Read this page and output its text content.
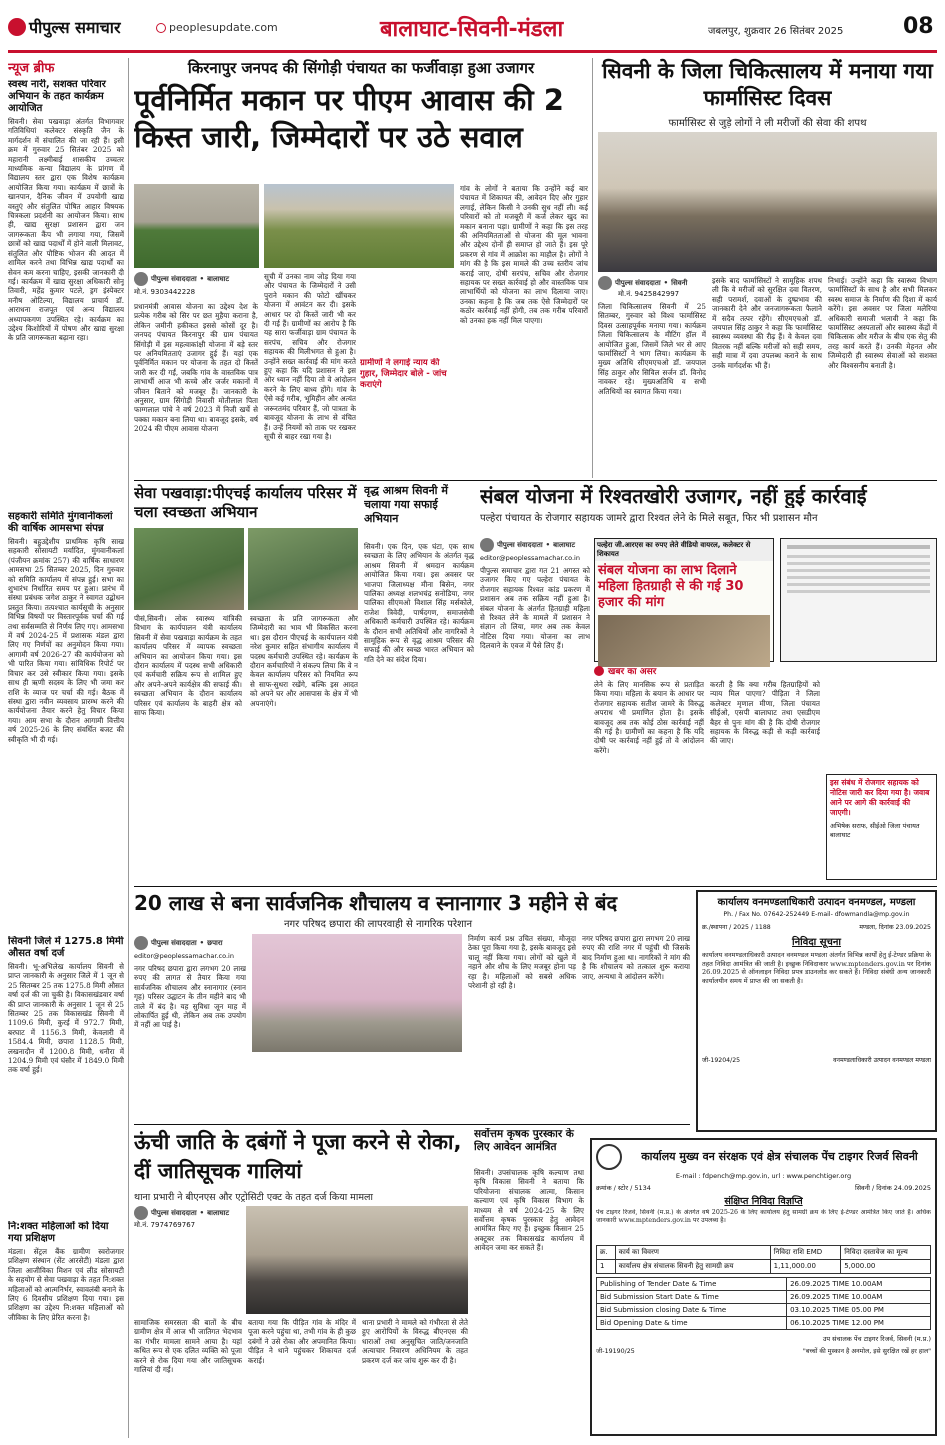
पीपुल्स समाचार	peoplesupdate.com	बालाघाट-सिवनी-मंडला	जबलपुर, शुक्रवार 26 सितंबर 2025	08
न्यूज ब्रीफ
स्वस्थ नारी, सशक्त परिवार अभियान के तहत कार्यक्रम आयोजित
सिवनी। सेवा पखवाड़ा अंतर्गत विभागवार गतिविधियां कलेक्टर संस्कृति जैन के मार्गदर्शन में संचालित की जा रही हैं। इसी क्रम में गुरुवार 25 सितंबर 2025 को महारानी लक्ष्मीबाई शासकीय उच्चतर माध्यमिक कन्या विद्यालय के प्रांगण में विद्यालय स्तर द्वारा एक विशेष कार्यक्रम आयोजित किया गया। कार्यक्रम में छात्रों के खानपान, दैनिक जीवन में उपयोगी खाद्य वस्तुएं और संतुलित पोषित आहार विषयक चित्रकला प्रदर्शनी का आयोजन किया। साथ ही, खाद्य सुरक्षा प्रशासन द्वारा जन जागरूकता कैंप भी लगाया गया, जिसमें छात्रों को खाद्य पदार्थों में होने वाली मिलावट, संतुलित और पौष्टिक भोजन की आदत में शामिल करने तथा विभिन्न खाद्य पदार्थों का सेवन कम करना चाहिए, इसकी जानकारी दी गई। कार्यक्रम में खाद्य सुरक्षा अधिकारी सोनू तिवारी, महेंद्र कुमार पटले, ड्रग इंस्पेक्टर मनीष ओटिल्या, विद्यालय प्राचार्य डॉ. आराधना राजपूत एवं अन्य विद्यालय अध्यापकगण उपस्थित रहे। कार्यक्रम का उद्देश्य किशोरियों में पोषण और खाद्य सुरक्षा के प्रति जागरूकता बढ़ाना रहा।
सहकारी समिति मुंगवानीकलां की वार्षिक आमसभा संपन्न
सिवनी। बहुउद्देशीय प्राथमिक कृषि साख सहकारी सोसायटी मर्यादित, मुंगवानीकलां (पंजीयन क्रमांक 257) की वार्षिक साधारण आमसभा 25 सितम्बर 2025, दिन गुरुवार को समिति कार्यालय में संपन्न हुई। सभा का शुभारंभ निर्धारित समय पर हुआ। प्रारंभ में संस्था प्रबंधक जगेश ठाकुर ने स्वागत उद्बोधन प्रस्तुत किया। तत्पश्चात कार्यसूची के अनुसार विभिन्न विषयों पर विस्तारपूर्वक चर्चा की गई तथा सर्वसम्मति से निर्णय लिए गए। आमसभा में वर्ष 2024-25 में प्रशासक मंडल द्वारा लिए गए निर्णयों का अनुमोदन किया गया। आगामी वर्ष 2026-27 की कार्ययोजना को भी पारित किया गया। सांविधिक रिपोर्ट पर विचार कर उसे स्वीकार किया गया। इसके साथ ही ऋणी सदस्य के लिए भी जमा कर राशि के व्याज पर चर्चा की गई। बैठक में संस्था द्वारा नवीन व्यवसाय प्रारम्भ करने की कार्ययोजना तैयार करने हेतु विचार किया गया। आम सभा के दौरान आगामी वित्तीय वर्ष 2025-26 के लिए संवर्धित बजट की स्वीकृति भी दी गई।
सिवनी जिले में 1275.8 मिमी औसत वर्षा दर्ज
सिवनी। भू-अभिलेख कार्यालय सिवनी से प्राप्त जानकारी के अनुसार जिले में 1 जून से 25 सितम्बर 25 तक 1275.8 मिमी औसत वर्षा दर्ज की जा चुकी है। विकासखंडवार वर्षा की प्राप्त जानकारी के अनुसार 1 जून से 25 सितम्बर 25 तक विकासखंड सिवनी में 1109.6 मिमी, कुरई में 972.7 मिमी, बरघाट में 1156.3 मिमी, केवलारी में 1584.4 मिमी, छपारा 1128.5 मिमी, लखनादौन में 1200.8 मिमी, धनौरा में 1204.9 मिमी एवं घंसौर में 1849.0 मिमी तक वर्षा हुई।
नि:शक्त महिलाओं को दिया गया प्रशिक्षण
मंडला। सेंट्रल बैंक ग्रामीण स्वरोजगार प्रशिक्षण संस्थान (सेंट आरसेटी) मंडला द्वारा जिला आजीविका मिशन एवं लीड सोसायटी के सहयोग से सेवा पखवाड़ा के तहत नि:शक्त महिलाओं को आत्मनिर्भर, स्वावलंबी बनाने के लिए 6 दिवसीय प्रशिक्षण दिया गया। इस प्रशिक्षण का उद्देश्य नि:शक्त महिलाओं को जीविका के लिए प्रेरित करना है।
किरनापुर जनपद की सिंगोड़ी पंचायत का फर्जीवाड़ा हुआ उजागर
पूर्वनिर्मित मकान पर पीएम आवास की 2 किस्त जारी, जिम्मेदारों पर उठे सवाल
पीपुल्स संवाददाता • बालाघाट
मो.नं. 9303442228
प्रधानमंत्री आवास योजना का उद्देश्य देश के प्रत्येक गरीब को सिर पर छत मुहैया कराना है, लेकिन जमीनी हकीकत इससे कोसों दूर है। जनपद पंचायत किरनापुर की ग्राम पंचायत सिंगोड़ी में इस महत्वाकांक्षी योजना में बड़े स्तर पर अनियमितताएं उजागर हुई हैं। यहां एक पूर्वनिर्मित मकान पर योजना के तहत दो किस्तें जारी कर दी गईं, जबकि गांव के वास्तविक पात्र लाभार्थी आज भी कच्चे और जर्जर मकानों में जीवन बिताने को मजबूर हैं। जानकारी के अनुसार, ग्राम सिंगोड़ी निवासी मोतीलाल पिता फाग्गलाल पांचे ने वर्ष 2023 में निजी खर्चे से पक्का मकान बना लिया था। बावजूद इसके, वर्ष 2024 की पीएम आवास योजना
सूची में उनका नाम जोड़ दिया गया और पंचायत के जिम्मेदारों ने उसी पुराने मकान की फोटो खींचकर योजना में आवंटन कर दी। इसके आधार पर दो किस्तें जारी भी कर दी गई हैं। ग्रामीणों का आरोप है कि यह सारा फर्जीवाड़ा ग्राम पंचायत के सरपंच, सचिव और रोजगार सहायक की मिलीभगत से हुआ है। उन्होंने सख्त कार्रवाई की मांग करते हुए कहा कि यदि प्रशासन ने इस ओर ध्यान नहीं दिया तो वे आंदोलन करने के लिए बाध्य होंगे। गांव के ऐसे कई गरीब, भूमिहीन और अत्यंत जरूरतमंद परिवार हैं, जो पात्रता के बावजूद योजना के लाभ से वंचित हैं। उन्हें नियमों को ताक पर रखकर सूची से बाहर रखा गया है।
ग्रामीणों ने लगाई न्याय की गुहार, जिम्मेदार बोले - जांच कराएंगे
गांव के लोगों ने बताया कि उन्होंने कई बार पंचायत में शिकायत की, आवेदन दिए और गुहार लगाई, लेकिन किसी ने उनकी सुध नहीं ली। कई परिवारों को तो मजबूरी में कर्ज लेकर खुद का मकान बनाना पड़ा। ग्रामीणों ने कहा कि इस तरह की अनियमितताओं से योजना की मूल भावना और उद्देश्य दोनों ही समाप्त हो जाते हैं। इस पूरे प्रकरण से गांव में आक्रोश का माहौल है। लोगों ने मांग की है कि इस मामले की उच्च स्तरीय जांच कराई जाए, दोषी सरपंच, सचिव और रोजगार सहायक पर सख्त कार्रवाई हो और वास्तविक पात्र लाभार्थियों को योजना का लाभ दिलाया जाए। उनका कहना है कि जब तक ऐसे जिम्मेदारों पर कठोर कार्रवाई नहीं होगी, तब तक गरीब परिवारों को उनका हक नहीं मिल पाएगा।
सिवनी के जिला चिकित्सालय में मनाया गया फार्मासिस्ट दिवस
फार्मासिस्ट से जुड़े लोगों ने ली मरीजों की सेवा की शपथ
पीपुल्स संवाददाता • सिवनी
मो.नं. 9425842997
जिला चिकित्सालय सिवनी में 25 सितम्बर, गुरुवार को विश्व फार्मासिस्ट दिवस उत्साहपूर्वक मनाया गया। कार्यक्रम जिला चिकित्सालय के मीटिंग हॉल में आयोजित हुआ, जिसमें जिले भर से आए फार्मासिस्टों ने भाग लिया। कार्यक्रम के मुख्य अतिथि सीएमएचओ डॉ. जयपाल सिंह ठाकुर और सिविल सर्जन डॉ. विनोद नावकर रहे। मुख्यअतिथि व सभी अतिथियों का स्वागत किया गया।
इसके बाद फार्मासिस्टों ने सामूहिक शपथ ली कि वे मरीजों को सुरक्षित दवा वितरण, सही परामर्श, दवाओं के दुष्प्रभाव की जानकारी देने और जनजागरूकता फैलाने में सदैव तत्पर रहेंगे। सीएमएचओ डॉ. जयपाल सिंह ठाकुर ने कहा कि फार्मासिस्ट स्वास्थ्य व्यवस्था की रीढ़ हैं। वे केवल दवा वितरक नहीं बल्कि मरीजों को सही समय, सही मात्रा में दवा उपलब्ध कराने के साथ उनके मार्गदर्शक भी हैं।
निभाई। उन्होंने कहा कि स्वास्थ्य विभाग फार्मासिस्टों के साथ है और सभी मिलकर स्वस्थ समाज के निर्माण की दिशा में कार्य करेंगे। इस अवसर पर जिला मलेरिया अधिकारी समाजी भलावी ने कहा कि फार्मासिस्ट अस्पतालों और स्वास्थ्य केंद्रों में चिकित्सक और मरीज के बीच एक सेतु की तरह कार्य करते हैं। उनकी मेहनत और जिम्मेदारी ही स्वास्थ्य सेवाओं को सशक्त और विश्वसनीय बनाती है।
सेवा पखवाड़ा:पीएचई कार्यालय परिसर में चला स्वच्छता अभियान
पीसं,सिवनी। लोक स्वास्थ्य यांत्रिकी विभाग के कार्यपालन यंत्री कार्यालय सिवनी में सेवा पखवाड़ा कार्यक्रम के तहत कार्यालय परिसर में व्यापक स्वच्छता अभियान का आयोजन किया गया। इस दौरान कार्यालय में पदस्थ सभी अधिकारी एवं कर्मचारी सक्रिय रूप से शामिल हुए और अपने-अपने कार्यक्षेत्र की सफाई की। स्वच्छता अभियान के दौरान कार्यालय परिसर एवं कार्यालय के बाहरी क्षेत्र को साफ किया।
स्वच्छता के प्रति जागरूकता और जिम्मेदारी का भाव भी विकसित करना था। इस दौरान पीएचई के कार्यपालन यंत्री नरेश कुमार सहित संभागीय कार्यालय में पदस्थ कर्मचारी उपस्थित रहे। कार्यक्रम के दौरान कर्मचारियों ने संकल्प लिया कि वे न केवल कार्यालय परिसर को नियमित रूप से साफ-सुथरा रखेंगे, बल्कि इस आदत को अपने घर और आसपास के क्षेत्र में भी अपनाएंगे।
वृद्ध आश्रम सिवनी में चलाया गया सफाई अभियान
सिवनी। एक दिन, एक घंटा, एक साथ स्वच्छता के लिए अभियान के अंतर्गत वृद्ध आश्रम सिवनी में श्रमदान कार्यक्रम आयोजित किया गया। इस अवसर पर भाजपा जिलाध्यक्ष मीना बिसेन, नगर पालिका अध्यक्ष शलभचंद्र सनोडिया, नगर पालिका सीएमओ विशाल सिंह मर्सकोले, राजेश त्रिवेदी, पार्षदगण, समाजसेवी अधिकारी कर्मचारी उपस्थित रहे। कार्यक्रम के दौरान सभी अतिथियों और नागरिकों ने सामूहिक रूप से वृद्ध आश्रम परिसर की सफाई की और स्वच्छ भारत अभियान को गति देने का संदेश दिया।
संबल योजना में रिश्वतखोरी उजागर, नहीं हुई कार्रवाई
पल्हेरा पंचायत के रोजगार सहायक जामरे द्वारा रिश्वत लेने के मिले सबूत, फिर भी प्रशासन मौन
पीपुल्स संवाददाता • बालाघाट
editor@peoplessamachar.co.in
पीपुल्स समाचार द्वारा गत 21 अगस्त को उजागर किए गए पल्हेरा पंचायत के रोजगार सहायक रिश्वत कांड प्रकरण में प्रशासन अब तक सक्रिय नहीं हुआ है। संबल योजना के अंतर्गत हितग्राही महिला से रिश्वत लेने के मामले में प्रशासन ने संज्ञान तो लिया, मगर अब तक केवल नोटिस दिया गया। योजना का लाभ दिलवाने के एवज में पैसे लिए हैं।
पल्हेरा जी.आरएस का रुपए लेते वीडियो वायरल, कलेक्टर से शिकायत
संबल योजना का लाभ दिलाने महिला हितग्राही से की गई 30 हजार की मांग
खबर का असर
लेने के लिए मानसिक रूप से प्रताड़ित किया गया। महिला के बयान के आधार पर रोजगार सहायक सतीश जामरे के विरुद्ध अपराध भी प्रमाणित होता है। इसके बावजूद अब तक कोई ठोस कार्रवाई नहीं की गई है। ग्रामीणों का कहना है कि यदि दोषी पर कार्रवाई नहीं हुई तो वे आंदोलन करेंगे।
करती है कि क्या गरीब हितग्राहियों को न्याय मिल पाएगा? पीड़िता ने जिला कलेक्टर मृणाल मीणा, जिला पंचायत सीईओ, एसपी बालाघाट तथा एसडीएम बैहर से पुनः मांग की है कि दोषी रोजगार सहायक के विरुद्ध कड़ी से कड़ी कार्रवाई की जाए।
इस संबंध में रोजगार सहायक को नोटिस जारी कर दिया गया है। जवाब आने पर आगे की कार्रवाई की जाएगी।
अभिषेक सराफ, सीईओ जिला पंचायत बालाघाट
20 लाख से बना सार्वजनिक शौचालय व स्नानागार 3 महीने से बंद
नगर परिषद छपारा की लापरवाही से नागरिक परेशान
पीपुल्स संवाददाता • छपारा
editor@peoplessamachar.co.in
नगर परिषद छपारा द्वारा लगभग 20 लाख रुपए की लागत से तैयार किया गया सार्वजनिक शौचालय और स्नानागार (स्नान गृह) परिसर उद्घाटन के तीन महीने बाद भी ताले में बंद है। यह सुविधा जून माह में लोकार्पित हुई थी, लेकिन अब तक उपयोग में नहीं आ पाई है।
निर्माण कार्य प्रश्न उचित संख्या, मौजूदा ठेका पूरा किया गया है, इसके बावजूद इसे चालू नहीं किया गया। लोगों को खुले में नहाने और शौच के लिए मजबूर होना पड़ रहा है। महिलाओं को सबसे अधिक परेशानी हो रही है।
नगर परिषद छपारा द्वारा लगभग 20 लाख रुपए की राशि नगर में पहुंची थी जिसके बाद निर्माण हुआ था। नागरिकों ने मांग की है कि शौचालय को तत्काल शुरू कराया जाए, अन्यथा वे आंदोलन करेंगे।
कार्यालय वनमण्डलाधिकारी उत्पादन वनमण्डल, मण्डला
Ph. / Fax No. 07642-252449 E-mail- dfowmandla@mp.gov.in
क्र./स्थापना / 2025 / 1188	मण्डला, दिनांक 23.09.2025
निविदा सूचना
कार्यालय वनमण्डलाधिकारी उत्पादन वनमण्डल मण्डला अंतर्गत विभिन्न कार्यों हेतु ई-टेण्डर प्रक्रिया के तहत निविदा आमंत्रित की जाती है। इच्छुक निविदाकार www.mptenders.gov.in पर दिनांक 26.09.2025 से ऑनलाइन निविदा प्रपत्र डाउनलोड कर सकते हैं। निविदा संबंधी अन्य जानकारी कार्यालयीन समय में प्राप्त की जा सकती है।
जी-19204/25	वनमण्डलाधिकारी उत्पादन वनमण्डल मण्डला
ऊंची जाति के दबंगों ने पूजा करने से रोका, दीं जातिसूचक गालियां
थाना प्रभारी ने बीएनएस और एट्रोसिटी एक्ट के तहत दर्ज किया मामला
पीपुल्स संवाददाता • बालाघाट
मो.नं. 7974769767
सामाजिक समरसता की बातों के बीच ग्रामीण क्षेत्र में आज भी जातिगत भेदभाव का गंभीर मामला सामने आया है। यहां कथित रूप से एक दलित व्यक्ति को पूजा करने से रोक दिया गया और जातिसूचक गालियां दी गईं।
बताया गया कि पीड़ित गांव के मंदिर में पूजा करने पहुंचा था, तभी गांव के ही कुछ दबंगों ने उसे रोका और अपमानित किया। पीड़ित ने थाने पहुंचकर शिकायत दर्ज कराई।
थाना प्रभारी ने मामले को गंभीरता से लेते हुए आरोपियों के विरुद्ध बीएनएस की धाराओं तथा अनुसूचित जाति/जनजाति अत्याचार निवारण अधिनियम के तहत प्रकरण दर्ज कर जांच शुरू कर दी है।
सर्वोत्तम कृषक पुरस्कार के लिए आवेदन आमंत्रित
सिवनी। उपसंचालक कृषि कल्याण तथा कृषि विकास सिवनी ने बताया कि परियोजना संचालक आत्मा, किसान कल्याण एवं कृषि विकास विभाग के माध्यम से वर्ष 2024-25 के लिए सर्वोत्तम कृषक पुरस्कार हेतु आवेदन आमंत्रित किए गए हैं। इच्छुक किसान 25 अक्टूबर तक विकासखंड कार्यालय में आवेदन जमा कर सकते हैं।
कार्यालय मुख्य वन संरक्षक एवं क्षेत्र संचालक पेंच टाइगर रिजर्व सिवनी
E-mail : fdpench@mp.gov.in, url : www.penchtiger.org
क्रमांक / स्टोर / 5134	सिवनी / दिनांक 24.09.2025
संक्षिप्त निविदा विज्ञप्ति
पेंच टाइगर रिजर्व, सिवनी (म.प्र.) के अंतर्गत वर्ष 2025-26 के लिए कार्यालय हेतु सामग्री क्रय के लिए ई-टेण्डर आमंत्रित किए जाते हैं। अधिक जानकारी www.mptenders.gov.in पर उपलब्ध है।
क्र.	कार्य का विवरण	निविदा राशि EMD	निविदा दस्तावेज का मूल्य
1	कार्यालय क्षेत्र संचालक सिवनी हेतु सामग्री क्रय	1,11,000.00	5,000.00
Publishing of Tender Date & Time	26.09.2025 TIME 10.00AM
Bid Submission Start Date & Time	26.09.2025 TIME 10.00AM
Bid Submission closing Date & Time	03.10.2025 TIME 05.00 PM
Bid Opening Date & time	06.10.2025 TIME 12.00 PM
उप संचालक पेंच टाइगर रिजर्व, सिवनी (म.प्र.)
जी-19190/25	"बच्चों की मुस्कान है अनमोल, इसे सुरक्षित रखें हर हाल"
